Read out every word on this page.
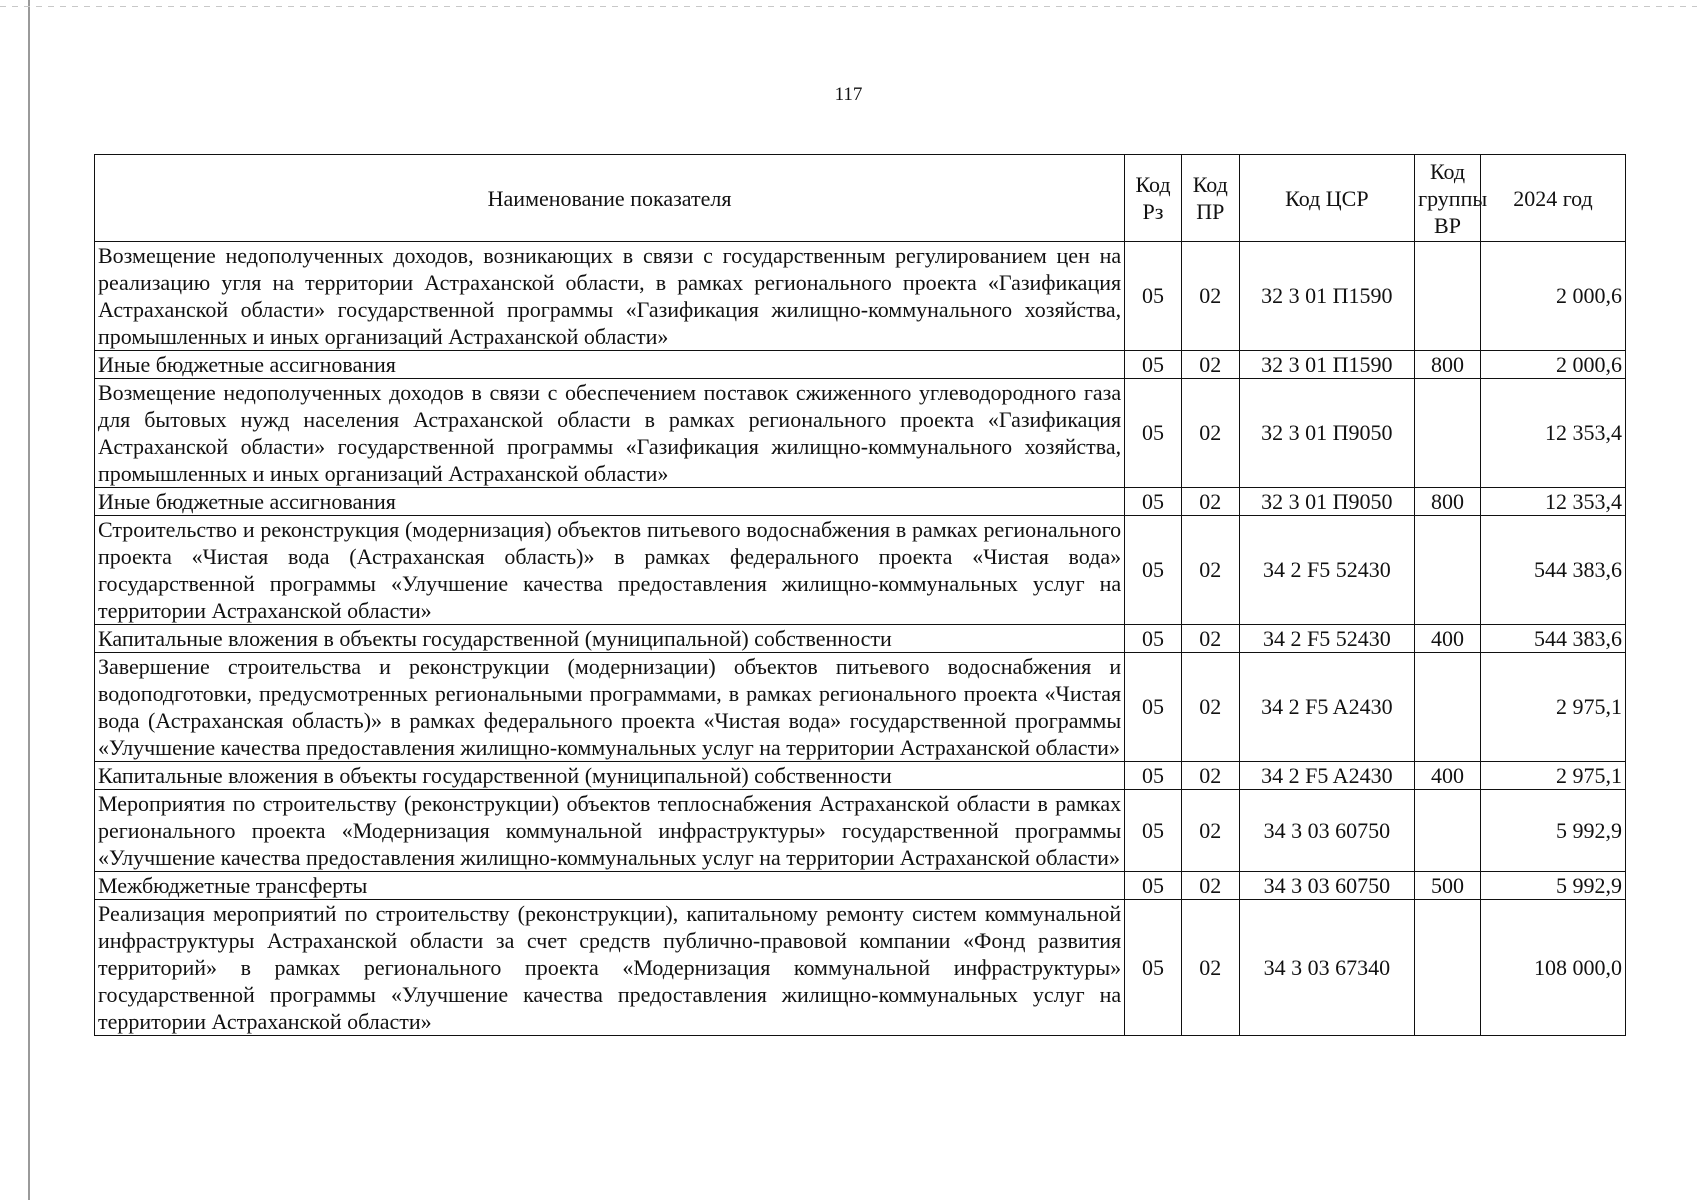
117
Наименование показателя	Код Рз	Код ПР	Код ЦСР	Код группы ВР	2024 год
Возмещение недополученных доходов, возникающих в связи с государственным регулированием цен на реализацию угля на территории Астраханской области, в рамках регионального проекта «Газификация Астраханской области» государственной программы «Газификация жилищно-коммунального хозяйства, промышленных и иных организаций Астраханской области»	05	02	32 3 01 П1590		2 000,6
Иные бюджетные ассигнования	05	02	32 3 01 П1590	800	2 000,6
Возмещение недополученных доходов в связи с обеспечением поставок сжиженного углеводородного газа для бытовых нужд населения Астраханской области в рамках регионального проекта «Газификация Астраханской области» государственной программы «Газификация жилищно-коммунального хозяйства, промышленных и иных организаций Астраханской области»	05	02	32 3 01 П9050		12 353,4
Иные бюджетные ассигнования	05	02	32 3 01 П9050	800	12 353,4
Строительство и реконструкция (модернизация) объектов питьевого водоснабжения в рамках регионального проекта «Чистая вода (Астраханская область)» в рамках федерального проекта «Чистая вода» государственной программы «Улучшение качества предоставления жилищно-коммунальных услуг на территории Астраханской области»	05	02	34 2 F5 52430		544 383,6
Капитальные вложения в объекты государственной (муниципальной) собственности	05	02	34 2 F5 52430	400	544 383,6
Завершение строительства и реконструкции (модернизации) объектов питьевого водоснабжения и водоподготовки, предусмотренных региональными программами, в рамках регионального проекта «Чистая вода (Астраханская область)» в рамках федерального проекта «Чистая вода» государственной программы «Улучшение качества предоставления жилищно-коммунальных услуг на территории Астраханской области»	05	02	34 2 F5 A2430		2 975,1
Капитальные вложения в объекты государственной (муниципальной) собственности	05	02	34 2 F5 A2430	400	2 975,1
Мероприятия по строительству (реконструкции) объектов теплоснабжения Астраханской области в рамках регионального проекта «Модернизация коммунальной инфраструктуры» государственной программы «Улучшение качества предоставления жилищно-коммунальных услуг на территории Астраханской области»	05	02	34 3 03 60750		5 992,9
Межбюджетные трансферты	05	02	34 3 03 60750	500	5 992,9
Реализация мероприятий по строительству (реконструкции), капитальному ремонту систем коммунальной инфраструктуры Астраханской области за счет средств публично-правовой компании «Фонд развития территорий» в рамках регионального проекта «Модернизация коммунальной инфраструктуры» государственной программы «Улучшение качества предоставления жилищно-коммунальных услуг на территории Астраханской области»	05	02	34 3 03 67340		108 000,0
